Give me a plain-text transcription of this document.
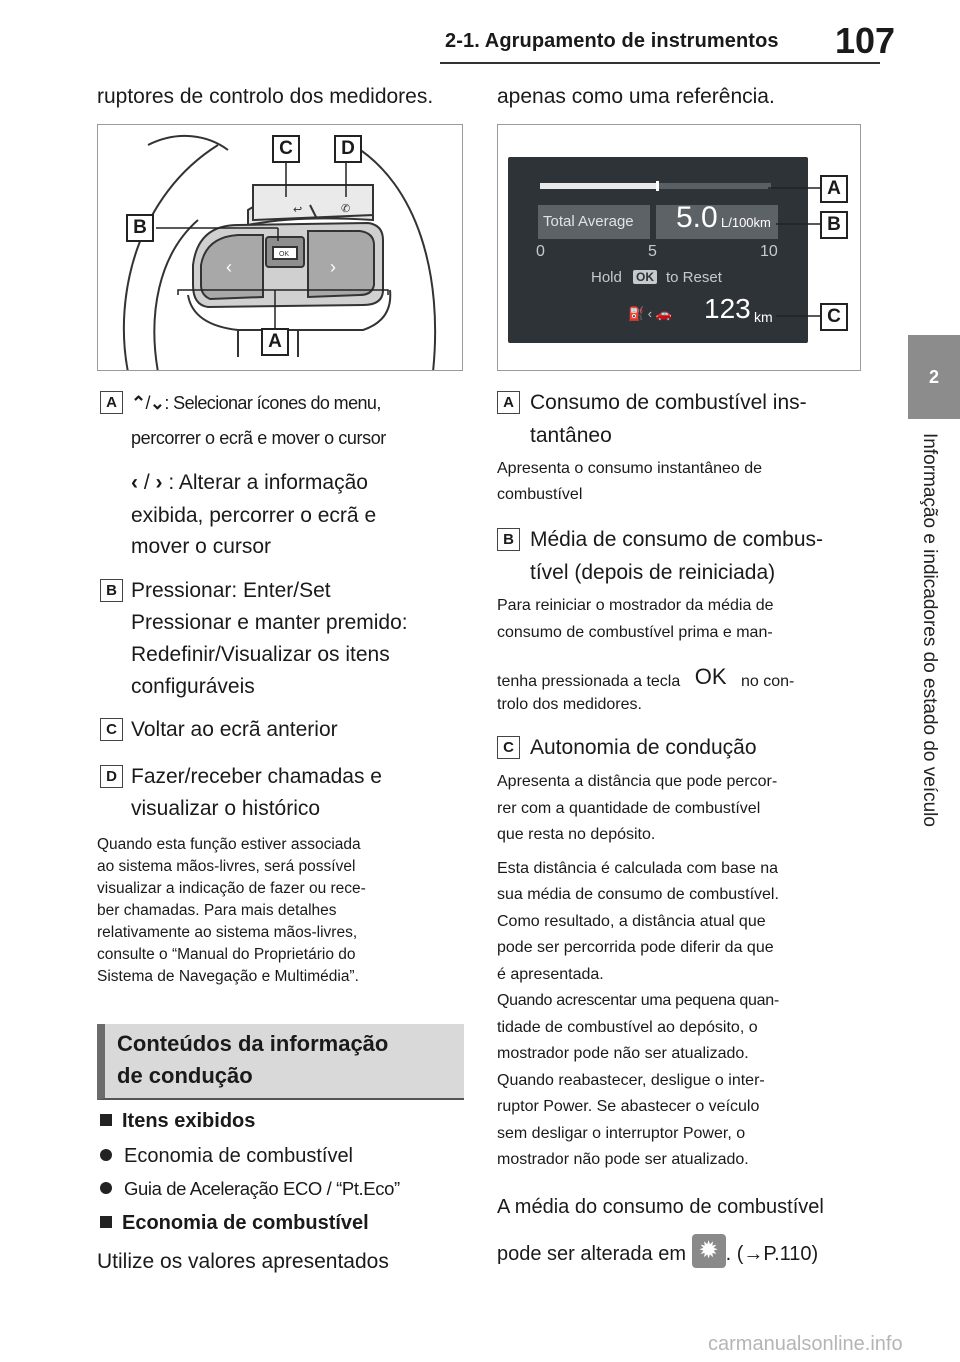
2-1. Agrupamento de instrumentos 107
2
Informação e indicadores do estado do veículo
ruptores de controlo dos medidores.
OK
‹	›
↩	✆
C	D
B
A
A ⌃/⌄: Selecionar ícones do menu,
percorrer o ecrã e mover o cursor
‹ / › : Alterar a informação
exibida, percorrer o ecrã e
mover o cursor
B Pressionar: Enter/Set
Pressionar e manter premido:
Redefinir/Visualizar os itens
configuráveis
C Voltar ao ecrã anterior
D Fazer/receber chamadas e
visualizar o histórico
Quando esta função estiver associada
ao sistema mãos-livres, será possível
visualizar a indicação de fazer ou rece-
ber chamadas. Para mais detalhes
relativamente ao sistema mãos-livres,
consulte o “Manual do Proprietário do
Sistema de Navegação e Multimédia”.
Conteúdos da informação
de condução
Itens exibidos
Economia de combustível
Guia de Aceleração ECO / “Pt.Eco”
Economia de combustível
Utilize os valores apresentados
apenas como uma referência.
Total Average	5.0 L/100km
0	5	10
Hold OK to Reset
⛽ ‹ 🚗 123 km
A
B
C
A Consumo de combustível ins-
tantâneo
Apresenta o consumo instantâneo de
combustível
B Média de consumo de combus-
tível (depois de reiniciada)
Para reiniciar o mostrador da média de
consumo de combustível prima e man-
tenha pressionada a tecla OK no con-
trolo dos medidores.
C Autonomia de condução
Apresenta a distância que pode percor-
rer com a quantidade de combustível
que resta no depósito.
Esta distância é calculada com base na
sua média de consumo de combustível.
Como resultado, a distância atual que
pode ser percorrida pode diferir da que
é apresentada.
Quando acrescentar uma pequena quan-
tidade de combustível ao depósito, o
mostrador pode não ser atualizado.
Quando reabastecer, desligue o inter-
ruptor Power. Se abastecer o veículo
sem desligar o interruptor Power, o
mostrador não pode ser atualizado.
A média do consumo de combustível
pode ser alterada em ✹ . (→P.110)
carmanualsonline.info
